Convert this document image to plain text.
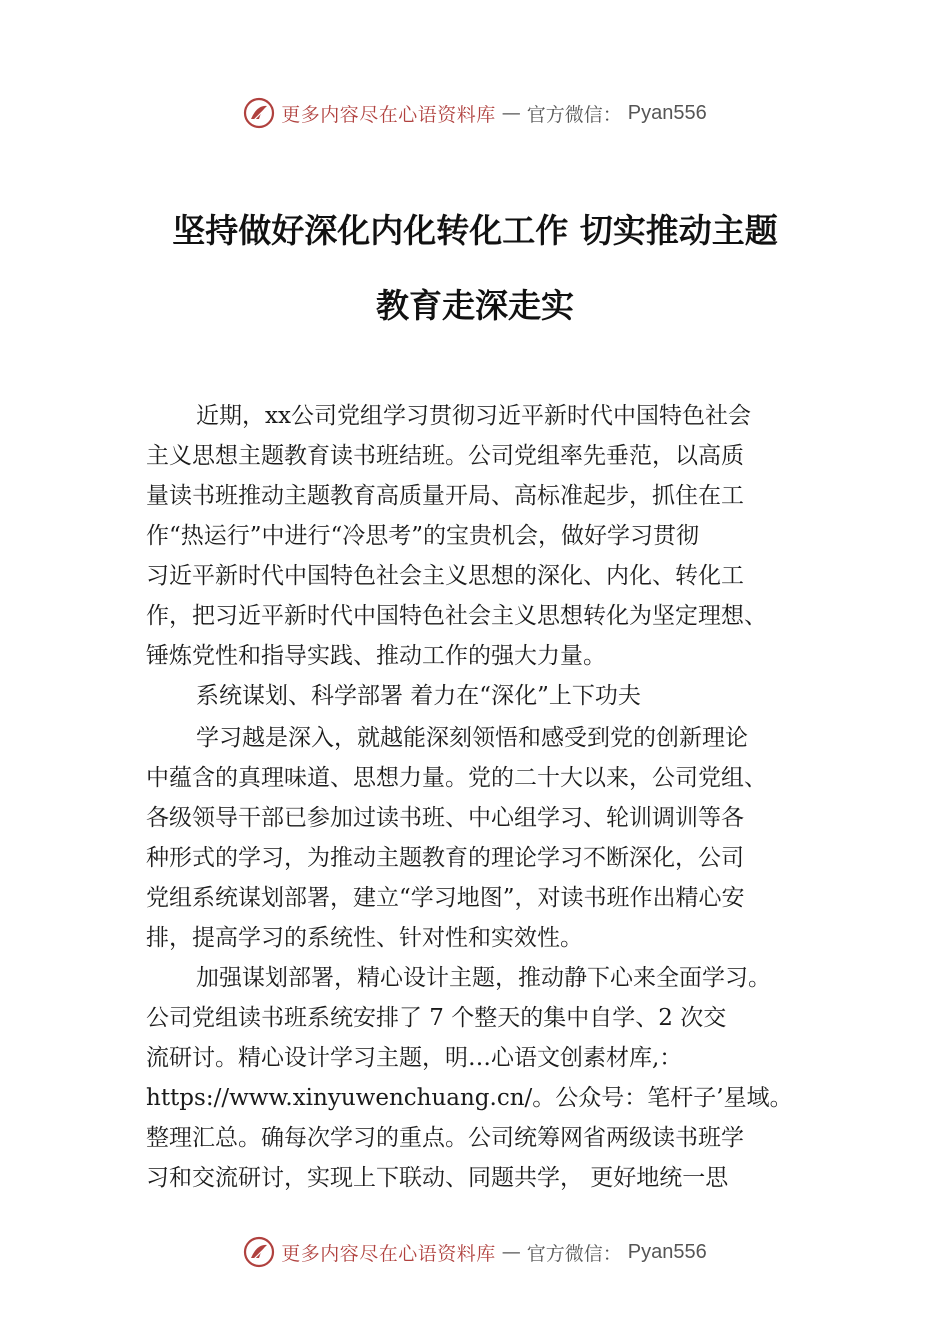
更多内容尽在心语资料库 — 官方微信： Pyan556
坚持做好深化内化转化工作 切实推动主题
教育走深走实
近期，xx公司党组学习贯彻习近平新时代中国特色社会
主义思想主题教育读书班结班。公司党组率先垂范，以高质
量读书班推动主题教育高质量开局、高标准起步，抓住在工
作“热运行”中进行“冷思考”的宝贵机会，做好学习贯彻
习近平新时代中国特色社会主义思想的深化、内化、转化工
作，把习近平新时代中国特色社会主义思想转化为坚定理想、
锤炼党性和指导实践、推动工作的强大力量。
系统谋划、科学部署 着力在“深化”上下功夫
学习越是深入，就越能深刻领悟和感受到党的创新理论
中蕴含的真理味道、思想力量。党的二十大以来，公司党组、
各级领导干部已参加过读书班、中心组学习、轮训调训等各
种形式的学习，为推动主题教育的理论学习不断深化，公司
党组系统谋划部署，建立“学习地图”，对读书班作出精心安
排，提高学习的系统性、针对性和实效性。
加强谋划部署，精心设计主题，推动静下心来全面学习。
公司党组读书班系统安排了 7 个整天的集中自学、2 次交
流研讨。精心设计学习主题，明…心语文创素材库,：
https://www.xinyuwenchuang.cn/。公众号：笔杆子’星域。
整理汇总。确每次学习的重点。公司统筹网省两级读书班学
习和交流研讨，实现上下联动、同题共学， 更好地统一思
更多内容尽在心语资料库 — 官方微信： Pyan556
